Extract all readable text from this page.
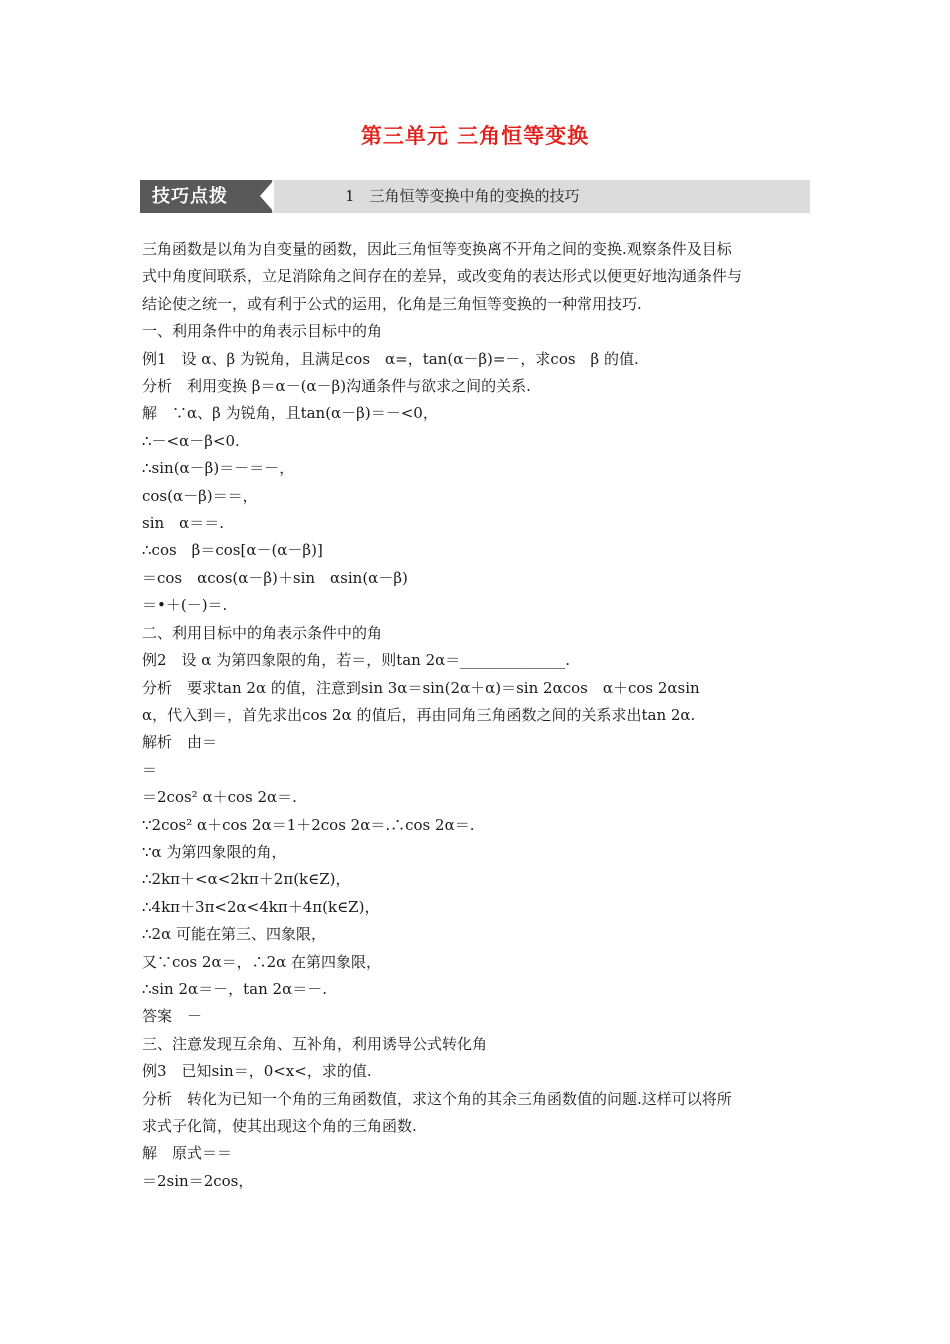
第三单元 三角恒等变换
技巧点拨	1　三角恒等变换中角的变换的技巧

三角函数是以角为自变量的函数，因此三角恒等变换离不开角之间的变换.观察条件及目标

式中角度间联系，立足消除角之间存在的差异，或改变角的表达形式以便更好地沟通条件与

结论使之统一，或有利于公式的运用，化角是三角恒等变换的一种常用技巧.

一、利用条件中的角表示目标中的角

例1　设 α、β 为锐角，且满足cos　α=，tan(α－β)=－，求cos　β 的值.

分析　利用变换 β＝α－(α－β)沟通条件与欲求之间的关系.

解　∵α、β 为锐角，且tan(α－β)＝－<0，

∴－<α－β<0.

∴sin(α－β)＝－＝－，

cos(α－β)＝＝，

sin　α＝＝.

∴cos　β＝cos[α－(α－β)]

＝cos　αcos(α－β)＋sin　αsin(α－β)

＝•＋(－)＝.

二、利用目标中的角表示条件中的角

例2　设 α 为第四象限的角，若＝，则tan 2α＝______________.

分析　要求tan 2α 的值，注意到sin 3α＝sin(2α＋α)＝sin 2αcos　α＋cos 2αsin

α，代入到＝，首先求出cos 2α 的值后，再由同角三角函数之间的关系求出tan 2α.

解析　由＝

＝

＝2cos² α＋cos 2α＝.

∵2cos² α＋cos 2α＝1＋2cos 2α＝.∴cos 2α＝.

∵α 为第四象限的角，

∴2kπ＋<α<2kπ＋2π(k∈Z)，

∴4kπ＋3π<2α<4kπ＋4π(k∈Z)，

∴2α 可能在第三、四象限，

又∵cos 2α＝，∴2α 在第四象限，

∴sin 2α＝－，tan 2α＝－.

答案　－

三、注意发现互余角、互补角，利用诱导公式转化角

例3　已知sin＝，0<x<，求的值.

分析　转化为已知一个角的三角函数值，求这个角的其余三角函数值的问题.这样可以将所

求式子化简，使其出现这个角的三角函数.

解　原式＝＝

＝2sin＝2cos，
